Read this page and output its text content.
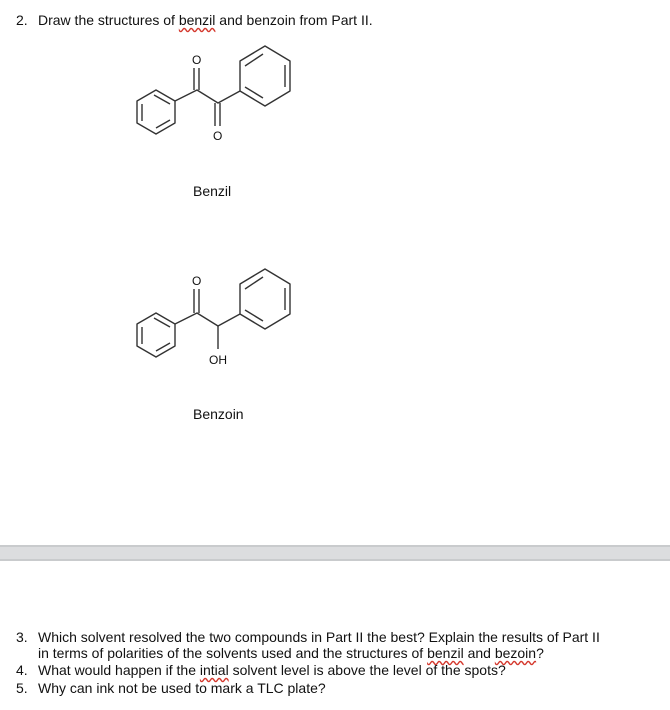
2. Draw the structures of benzil and benzoin from Part II.
O
O
Benzil
O
OH
Benzoin
3. Which solvent resolved the two compounds in Part II the best? Explain the results of Part II
in terms of polarities of the solvents used and the structures of benzil and bezoin?
4. What would happen if the intial solvent level is above the level of the spots?
5. Why can ink not be used to mark a TLC plate?
